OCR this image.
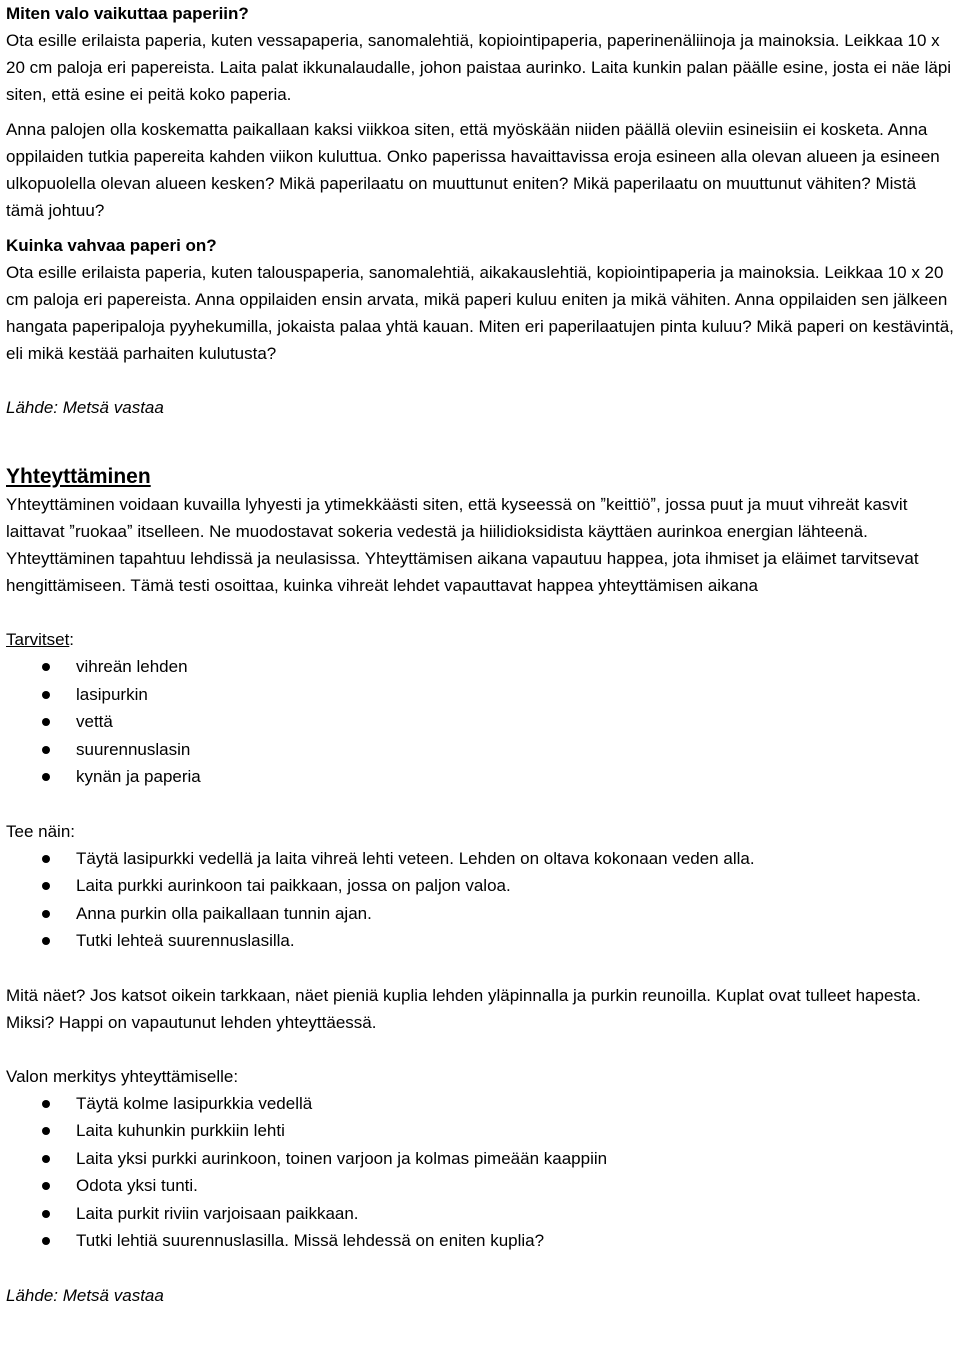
Miten valo vaikuttaa paperiin?

Ota esille erilaista paperia, kuten vessapaperia, sanomalehtiä, kopiointipaperia, paperinenäliinoja ja mainoksia. Leikkaa 10 x 20 cm paloja eri papereista. Laita palat ikkunalaudalle, johon paistaa aurinko. Laita kunkin palan päälle esine, josta ei näe läpi siten, että esine ei peitä koko paperia.

Anna palojen olla koskematta paikallaan kaksi viikkoa siten, että myöskään niiden päällä oleviin esineisiin ei kosketa. Anna oppilaiden tutkia papereita kahden viikon kuluttua. Onko paperissa havaittavissa eroja esineen alla olevan alueen ja esineen ulkopuolella olevan alueen kesken? Mikä paperilaatu on muuttunut eniten? Mikä paperilaatu on muuttunut vähiten? Mistä tämä johtuu?

Kuinka vahvaa paperi on?

Ota esille erilaista paperia, kuten talouspaperia, sanomalehtiä, aikakauslehtiä, kopiointipaperia ja mainoksia. Leikkaa 10 x 20 cm paloja eri papereista. Anna oppilaiden ensin arvata, mikä paperi kuluu eniten ja mikä vähiten. Anna oppilaiden sen jälkeen hangata paperipaloja pyyhekumilla, jokaista palaa yhtä kauan. Miten eri paperilaatujen pinta kuluu? Mikä paperi on kestävintä, eli mikä kestää parhaiten kulutusta?

Lähde: Metsä vastaa

Yhteyttäminen

Yhteyttäminen voidaan kuvailla lyhyesti ja ytimekkäästi siten, että kyseessä on ˮkeittiöˮ, jossa puut ja muut vihreät kasvit laittavat ˮruokaaˮ itselleen. Ne muodostavat sokeria vedestä ja hiilidioksidista käyttäen aurinkoa energian lähteenä. Yhteyttäminen tapahtuu lehdissä ja neulasissa. Yhteyttämisen aikana vapautuu happea, jota ihmiset ja eläimet tarvitsevat hengittämiseen. Tämä testi osoittaa, kuinka vihreät lehdet vapauttavat happea yhteyttämisen aikana

Tarvitset:

vihreän lehden
lasipurkin
vettä
suurennuslasin
kynän ja paperia

Tee näin:

Täytä lasipurkki vedellä ja laita vihreä lehti veteen. Lehden on oltava kokonaan veden alla.
Laita purkki aurinkoon tai paikkaan, jossa on paljon valoa.
Anna purkin olla paikallaan tunnin ajan.
Tutki lehteä suurennuslasilla.

Mitä näet? Jos katsot oikein tarkkaan, näet pieniä kuplia lehden yläpinnalla ja purkin reunoilla. Kuplat ovat tulleet hapesta. Miksi? Happi on vapautunut lehden yhteyttäessä.

Valon merkitys yhteyttämiselle:

Täytä kolme lasipurkkia vedellä
Laita kuhunkin purkkiin lehti
Laita yksi purkki aurinkoon, toinen varjoon ja kolmas pimeään kaappiin
Odota yksi tunti.
Laita purkit riviin varjoisaan paikkaan.
Tutki lehtiä suurennuslasilla. Missä lehdessä on eniten kuplia?

Lähde: Metsä vastaa
